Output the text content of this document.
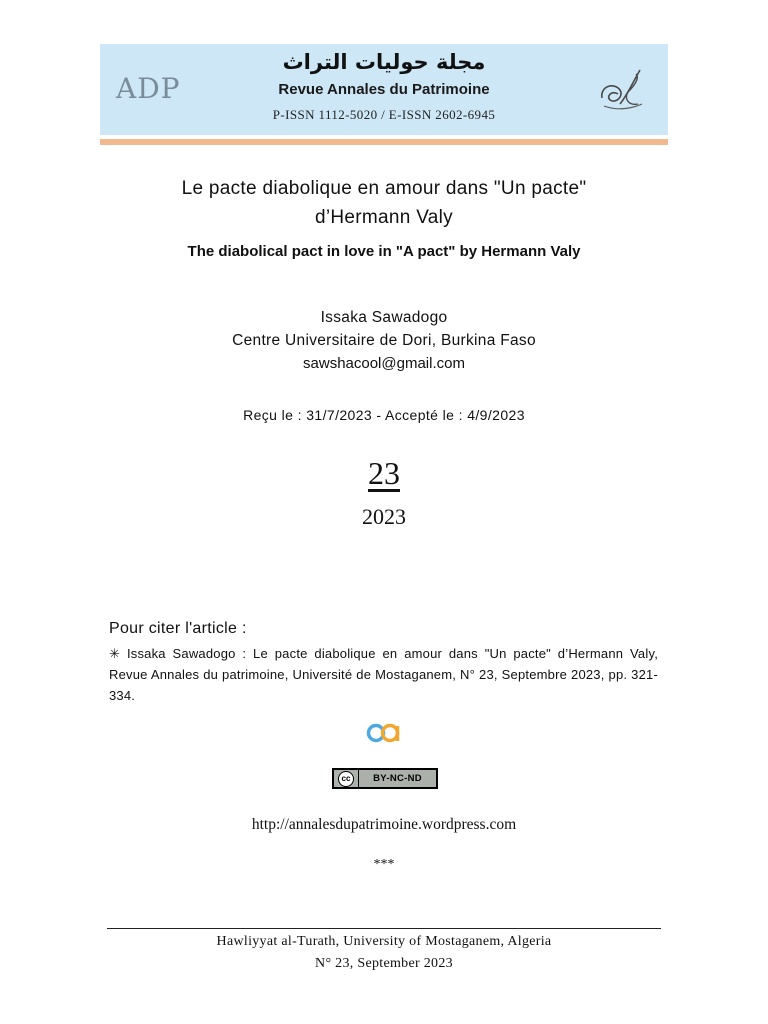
ADP
مجلة حوليات التراث
Revue Annales du Patrimoine
P-ISSN 1112-5020 / E-ISSN 2602-6945
Le pacte diabolique en amour dans "Un pacte"
d’Hermann Valy
The diabolical pact in love in "A pact" by Hermann Valy
Issaka Sawadogo
Centre Universitaire de Dori, Burkina Faso
sawshacool@gmail.com
Reçu le : 31/7/2023 - Accepté le : 4/9/2023
23
2023
Pour citer l'article :
✳ Issaka Sawadogo : Le pacte diabolique en amour dans "Un pacte" d’Hermann Valy, Revue Annales du patrimoine, Université de Mostaganem, N° 23, Septembre 2023, pp. 321-334.
cc	BY-NC-ND
http://annalesdupatrimoine.wordpress.com
***
Hawliyyat al-Turath, University of Mostaganem, Algeria
N° 23, September 2023
